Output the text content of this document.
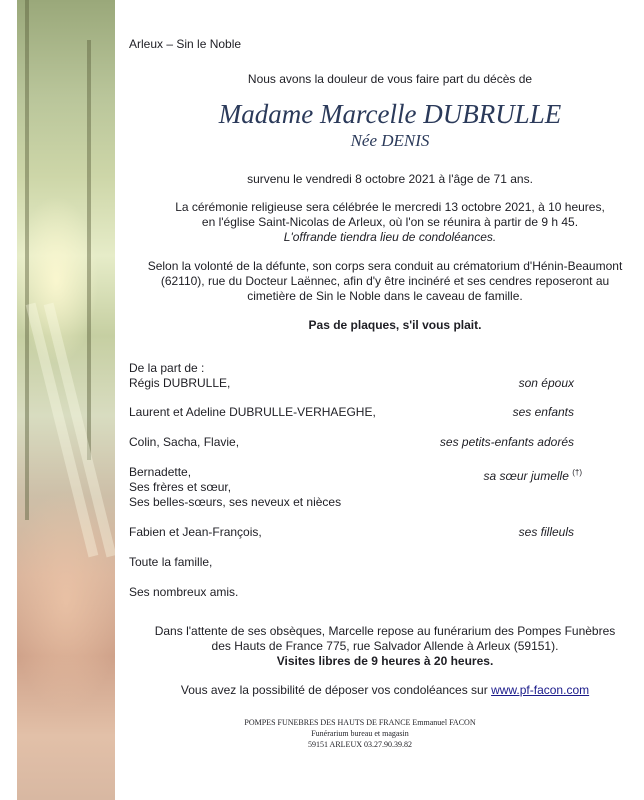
Arleux – Sin le Noble
Nous avons la douleur de vous faire part du décès de
Madame Marcelle DUBRULLE
Née DENIS
survenu le vendredi 8 octobre 2021 à l'âge de 71 ans.
La cérémonie religieuse sera célébrée le mercredi 13 octobre 2021, à 10 heures,
en l'église Saint-Nicolas de Arleux, où l'on se réunira à partir de 9 h 45.
L'offrande tiendra lieu de condoléances.
Selon la volonté de la défunte, son corps sera conduit au crématorium d'Hénin-Beaumont
(62110), rue du Docteur Laënnec, afin d'y être incinéré et ses cendres reposeront au
cimetière de Sin le Noble dans le caveau de famille.
Pas de plaques, s'il vous plait.
De la part de :
Régis DUBRULLE,	son époux
Laurent et Adeline DUBRULLE-VERHAEGHE,	ses enfants
Colin, Sacha, Flavie,	ses petits-enfants adorés
Bernadette,	sa sœur jumelle (†)
Ses frères et sœur,
Ses belles-sœurs, ses neveux et nièces
Fabien et Jean-François,	ses filleuls
Toute la famille,
Ses nombreux amis.
Dans l'attente de ses obsèques, Marcelle repose au funérarium des Pompes Funèbres
des Hauts de France 775, rue Salvador Allende à Arleux (59151).
Visites libres de 9 heures à 20 heures.
Vous avez la possibilité de déposer vos condoléances sur www.pf-facon.com
POMPES FUNEBRES DES HAUTS DE FRANCE Emmanuel FACON
Funérarium bureau et magasin
59151 ARLEUX 03.27.90.39.82
